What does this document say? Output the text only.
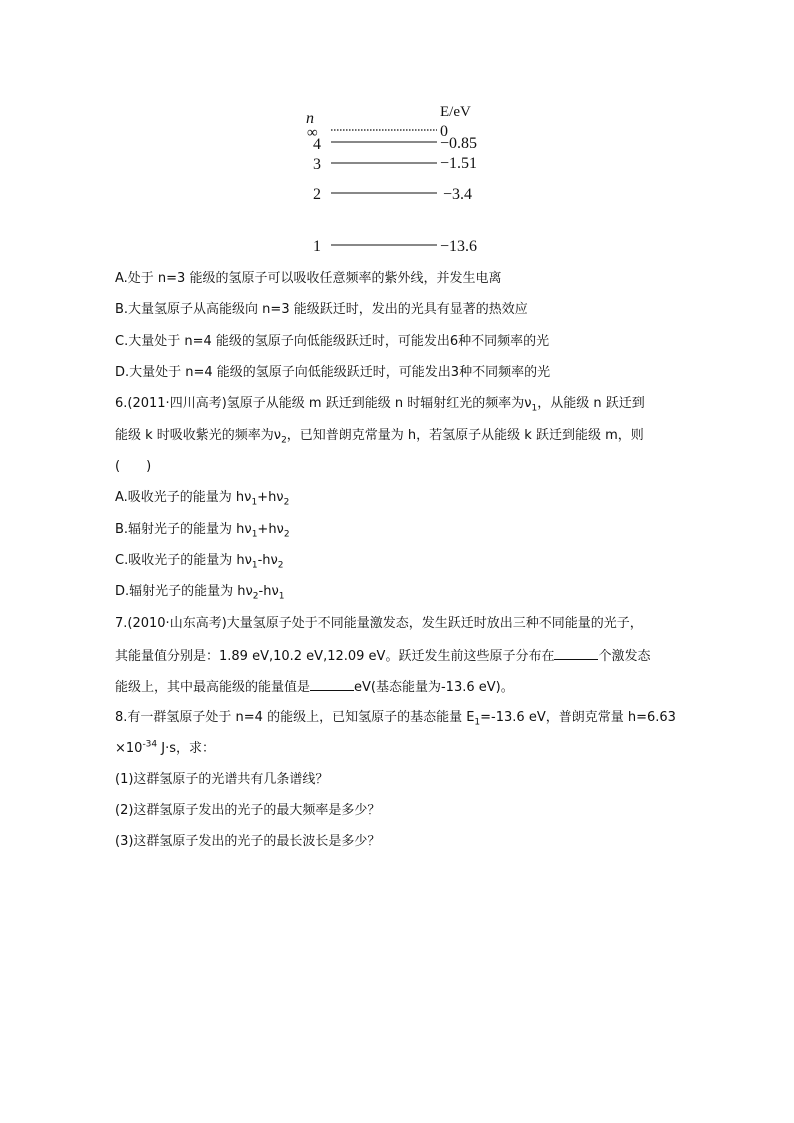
n	E/eV
∞	0
4	−0.85
3	−1.51
2	−3.4
1	−13.6
A.处于 n=3 能级的氢原子可以吸收任意频率的紫外线，并发生电离
B.大量氢原子从高能级向 n=3 能级跃迁时，发出的光具有显著的热效应
C.大量处于 n=4 能级的氢原子向低能级跃迁时，可能发出6种不同频率的光
D.大量处于 n=4 能级的氢原子向低能级跃迁时，可能发出3种不同频率的光
6.(2011·四川高考)氢原子从能级 m 跃迁到能级 n 时辐射红光的频率为$\nu_1$，从能级 n 跃迁到
能级 k 时吸收紫光的频率为$\nu_2$，已知普朗克常量为 h，若氢原子从能级 k 跃迁到能级 m，则
(　　)
A.吸收光子的能量为 $h\nu_1+h\nu_2$
B.辐射光子的能量为 $h\nu_1+h\nu_2$
C.吸收光子的能量为 $h\nu_1-h\nu_2$
D.辐射光子的能量为 $h\nu_2-h\nu_1$
7.(2010·山东高考)大量氢原子处于不同能量激发态，发生跃迁时放出三种不同能量的光子，
其能量值分别是：1.89 eV,10.2 eV,12.09 eV。跃迁发生前这些原子分布在	个激发态
能级上，其中最高能级的能量值是	eV(基态能量为-13.6 eV)。
8.有一群氢原子处于 n=4 的能级上，已知氢原子的基态能量 $E_1=-13.6$ eV，普朗克常量 h=6.63
$\times 10^{-34}$ J·s，求：
(1)这群氢原子的光谱共有几条谱线？
(2)这群氢原子发出的光子的最大频率是多少？
(3)这群氢原子发出的光子的最长波长是多少？
